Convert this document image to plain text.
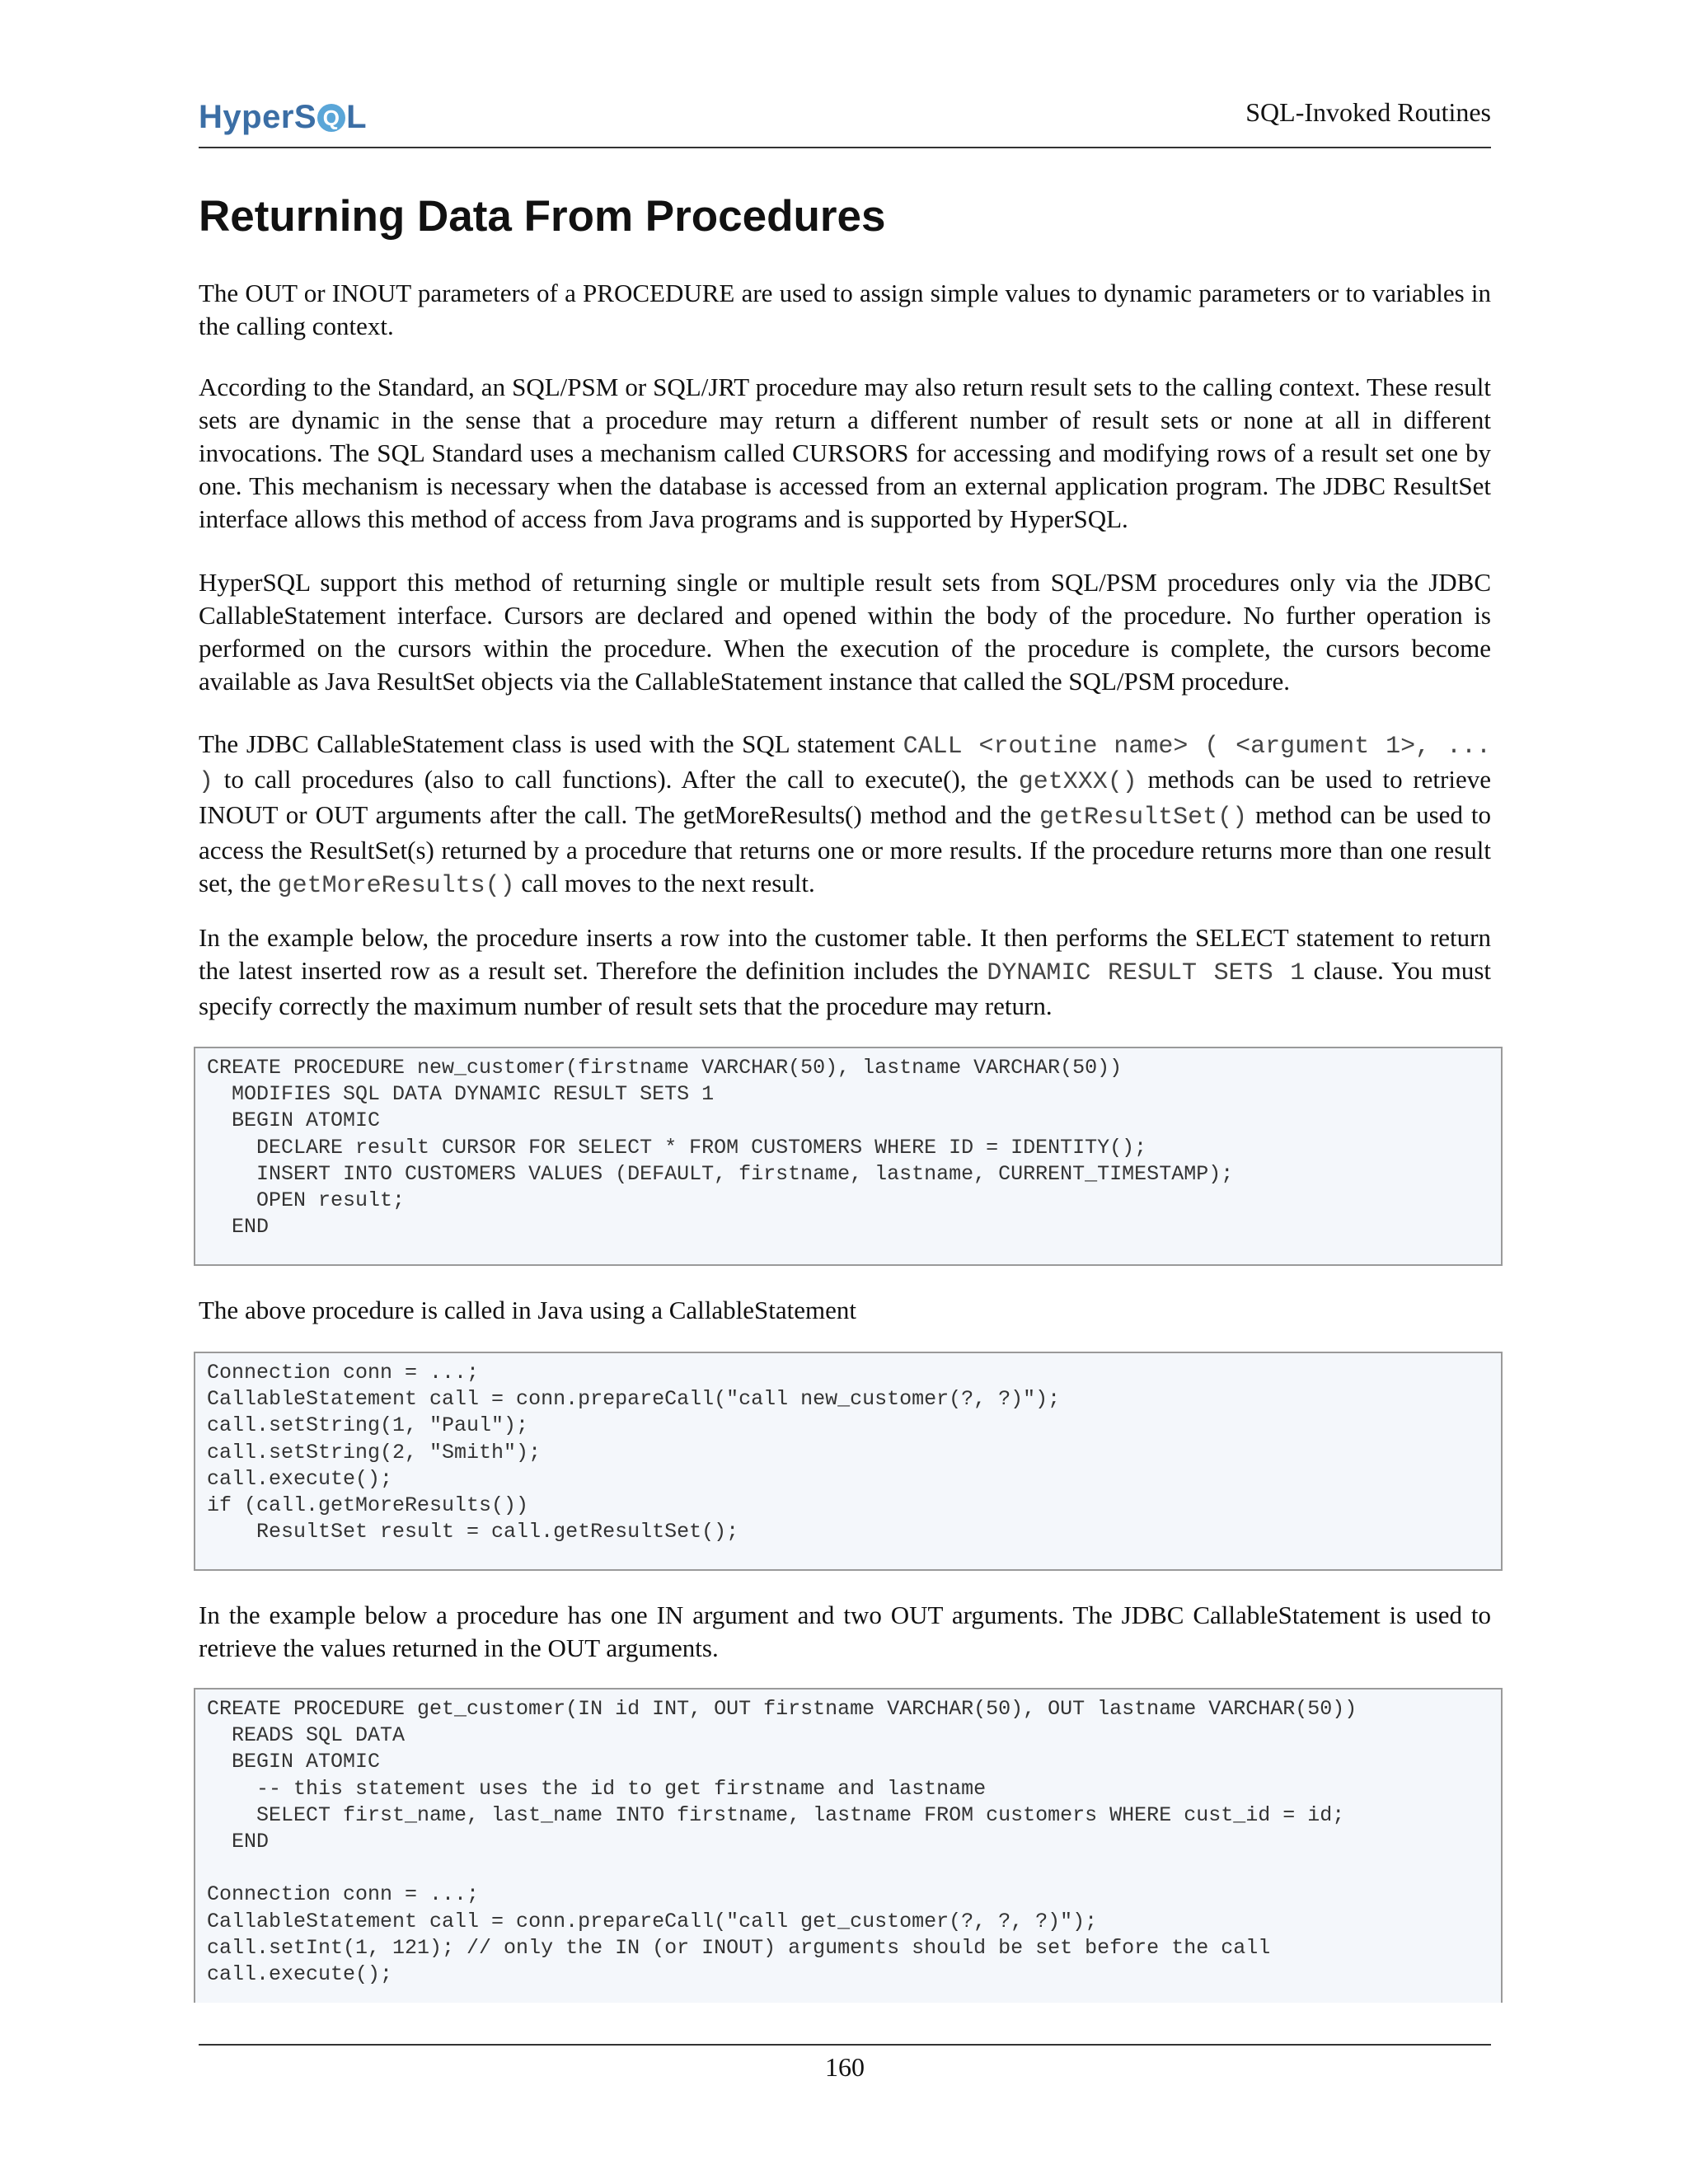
Hyper S Q L	SQL-Invoked Routines
Returning Data From Procedures

The OUT or INOUT parameters of a PROCEDURE are used to assign simple values to dynamic parameters or to variables in the calling context.

According to the Standard, an SQL/PSM or SQL/JRT procedure may also return result sets to the calling context. These result sets are dynamic in the sense that a procedure may return a different number of result sets or none at all in different invocations. The SQL Standard uses a mechanism called CURSORS for accessing and modifying rows of a result set one by one. This mechanism is necessary when the database is accessed from an external application program. The JDBC ResultSet interface allows this method of access from Java programs and is supported by HyperSQL.

HyperSQL support this method of returning single or multiple result sets from SQL/PSM procedures only via the JDBC CallableStatement interface. Cursors are declared and opened within the body of the procedure. No further operation is performed on the cursors within the procedure. When the execution of the procedure is complete, the cursors become available as Java ResultSet objects via the CallableStatement instance that called the SQL/PSM procedure.

The JDBC CallableStatement class is used with the SQL statement CALL <routine name> ( <argument 1>, ... ) to call procedures (also to call functions). After the call to execute(), the getXXX() methods can be used to retrieve INOUT or OUT arguments after the call. The getMoreResults() method and the getResultSet() method can be used to access the ResultSet(s) returned by a procedure that returns one or more results. If the procedure returns more than one result set, the getMoreResults() call moves to the next result.

In the example below, the procedure inserts a row into the customer table. It then performs the SELECT statement to return the latest inserted row as a result set. Therefore the definition includes the DYNAMIC RESULT SETS 1 clause. You must specify correctly the maximum number of result sets that the procedure may return.

CREATE PROCEDURE new_customer(firstname VARCHAR(50), lastname VARCHAR(50))
MODIFIES SQL DATA DYNAMIC RESULT SETS 1
BEGIN ATOMIC
DECLARE result CURSOR FOR SELECT * FROM CUSTOMERS WHERE ID = IDENTITY();
INSERT INTO CUSTOMERS VALUES (DEFAULT, firstname, lastname, CURRENT_TIMESTAMP);
OPEN result;
END

The above procedure is called in Java using a CallableStatement

Connection conn = ...;
CallableStatement call = conn.prepareCall("call new_customer(?, ?)");
call.setString(1, "Paul");
call.setString(2, "Smith");
call.execute();
if (call.getMoreResults())
ResultSet result = call.getResultSet();

In the example below a procedure has one IN argument and two OUT arguments. The JDBC CallableStatement is used to retrieve the values returned in the OUT arguments.

CREATE PROCEDURE get_customer(IN id INT, OUT firstname VARCHAR(50), OUT lastname VARCHAR(50))
READS SQL DATA
BEGIN ATOMIC
-- this statement uses the id to get firstname and lastname
SELECT first_name, last_name INTO firstname, lastname FROM customers WHERE cust_id = id;
END

Connection conn = ...;
CallableStatement call = conn.prepareCall("call get_customer(?, ?, ?)");
call.setInt(1, 121); // only the IN (or INOUT) arguments should be set before the call
call.execute();
160
